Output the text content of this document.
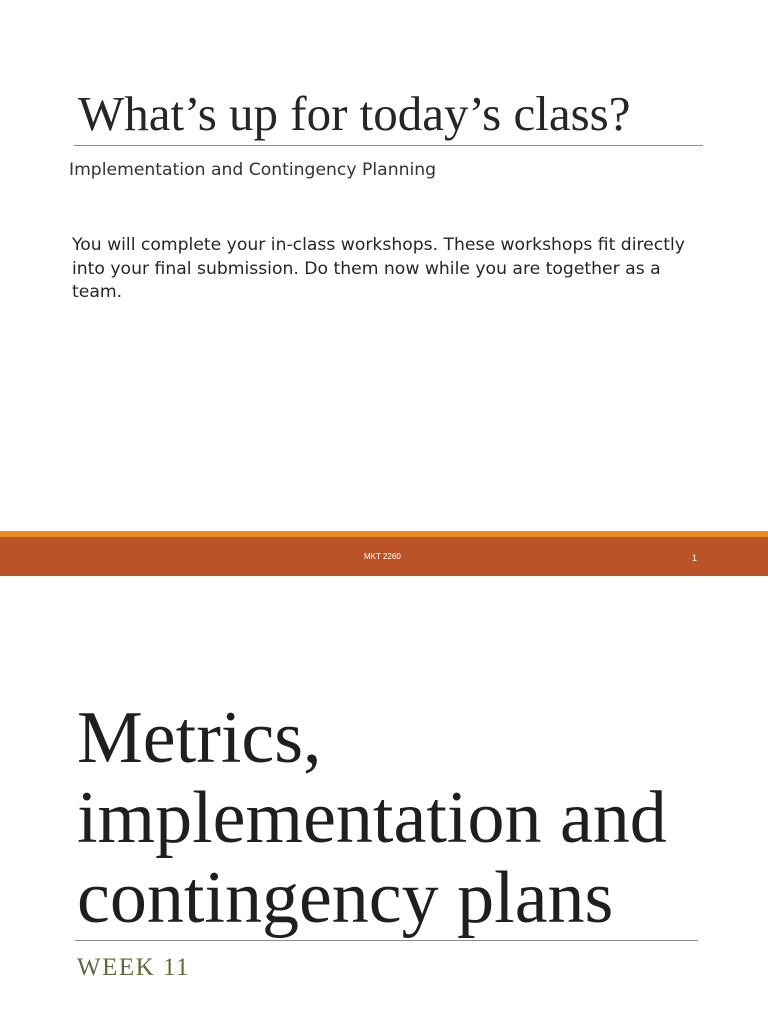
What’s up for today’s class?
Implementation and Contingency Planning
You will complete your in-class workshops. These workshops fit directly into your final submission. Do them now while you are together as a team.
MKT 2260	1
Metrics,
implementation and
contingency plans
WEEK 11
